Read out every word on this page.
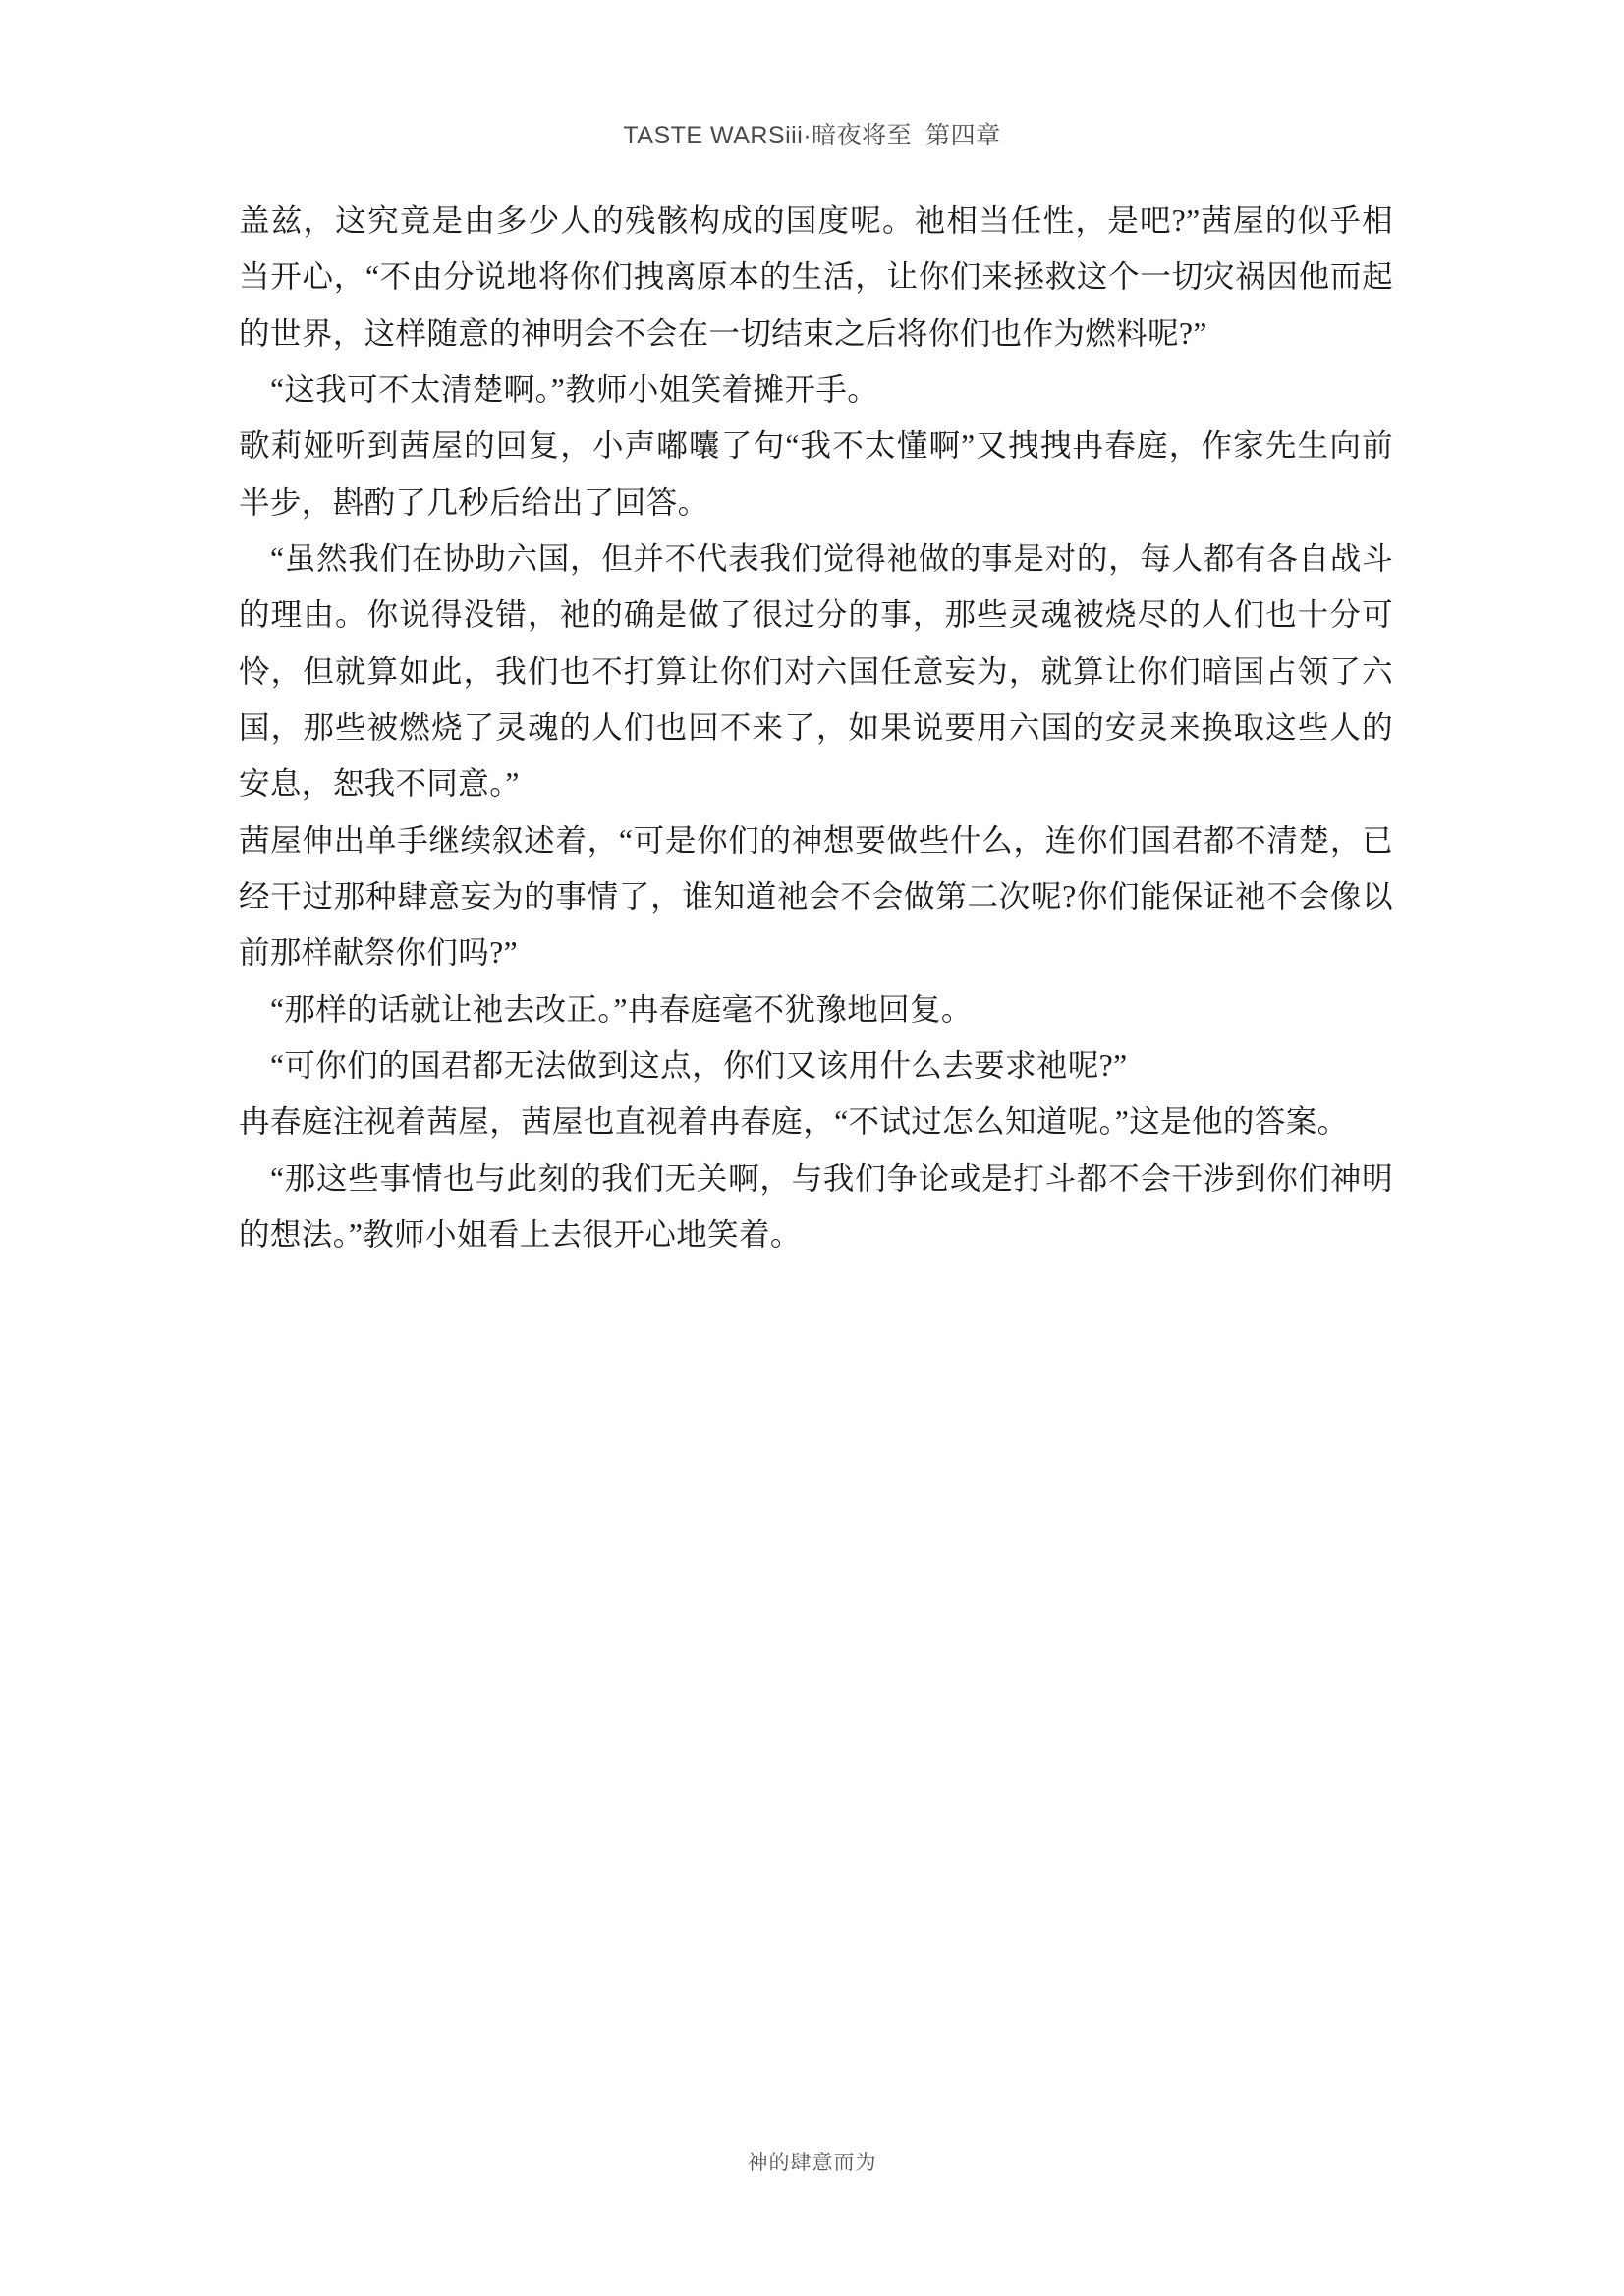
TASTE WARSiii·暗夜将至 第四章

盖兹，这究竟是由多少人的残骸构成的国度呢。祂相当任性，是吧?”茜屋的似乎相当开心，“不由分说地将你们拽离原本的生活，让你们来拯救这个一切灾祸因他而起的世界，这样随意的神明会不会在一切结束之后将你们也作为燃料呢?”

“这我可不太清楚啊。”教师小姐笑着摊开手。

歌莉娅听到茜屋的回复，小声嘟囔了句“我不太懂啊”又拽拽冉春庭，作家先生向前半步，斟酌了几秒后给出了回答。

“虽然我们在协助六国，但并不代表我们觉得祂做的事是对的，每人都有各自战斗的理由。你说得没错，祂的确是做了很过分的事，那些灵魂被烧尽的人们也十分可怜，但就算如此，我们也不打算让你们对六国任意妄为，就算让你们暗国占领了六国，那些被燃烧了灵魂的人们也回不来了，如果说要用六国的安灵来换取这些人的安息，恕我不同意。”

茜屋伸出单手继续叙述着，“可是你们的神想要做些什么，连你们国君都不清楚，已经干过那种肆意妄为的事情了，谁知道祂会不会做第二次呢?你们能保证祂不会像以前那样献祭你们吗?”

“那样的话就让祂去改正。”冉春庭毫不犹豫地回复。

“可你们的国君都无法做到这点，你们又该用什么去要求祂呢?”

冉春庭注视着茜屋，茜屋也直视着冉春庭，“不试过怎么知道呢。”这是他的答案。

“那这些事情也与此刻的我们无关啊，与我们争论或是打斗都不会干涉到你们神明的想法。”教师小姐看上去很开心地笑着。

神的肆意而为
